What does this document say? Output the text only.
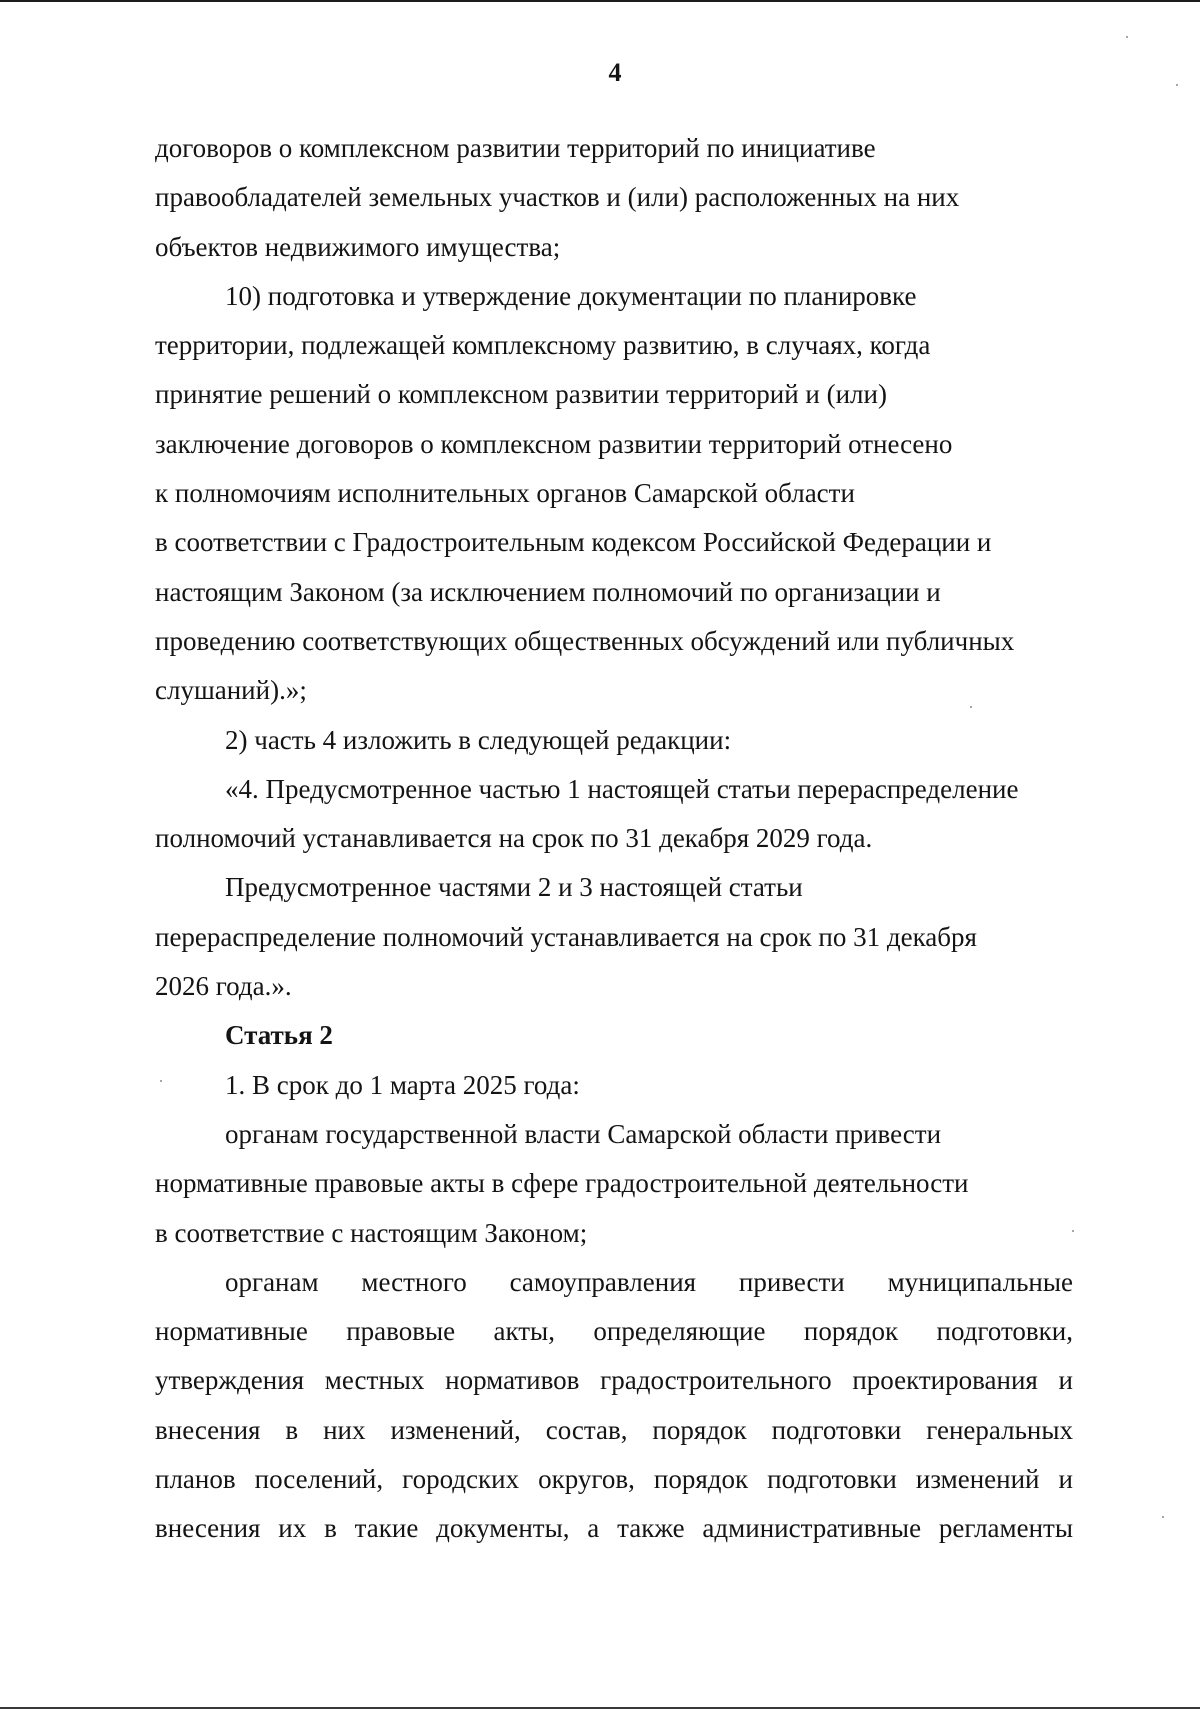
4

договоров о комплексном развитии территорий по инициативе
правообладателей земельных участков и (или) расположенных на них
объектов недвижимого имущества;

10) подготовка и утверждение документации по планировке
территории, подлежащей комплексному развитию, в случаях, когда
принятие решений о комплексном развитии территорий и (или)
заключение договоров о комплексном развитии территорий отнесено
к полномочиям исполнительных органов Самарской области
в соответствии с Градостроительным кодексом Российской Федерации и
настоящим Законом (за исключением полномочий по организации и
проведению соответствующих общественных обсуждений или публичных
слушаний).»;

2) часть 4 изложить в следующей редакции:

«4. Предусмотренное частью 1 настоящей статьи перераспределение
полномочий устанавливается на срок по 31 декабря 2029 года.

Предусмотренное частями 2 и 3 настоящей статьи
перераспределение полномочий устанавливается на срок по 31 декабря
2026 года.».

Статья 2

1. В срок до 1 марта 2025 года:

органам государственной власти Самарской области привести
нормативные правовые акты в сфере градостроительной деятельности
в соответствие с настоящим Законом;

органам местного самоуправления привести муниципальные
нормативные правовые акты, определяющие порядок подготовки,
утверждения местных нормативов градостроительного проектирования и
внесения в них изменений, состав, порядок подготовки генеральных
планов поселений, городских округов, порядок подготовки изменений и
внесения их в такие документы, а также административные регламенты
